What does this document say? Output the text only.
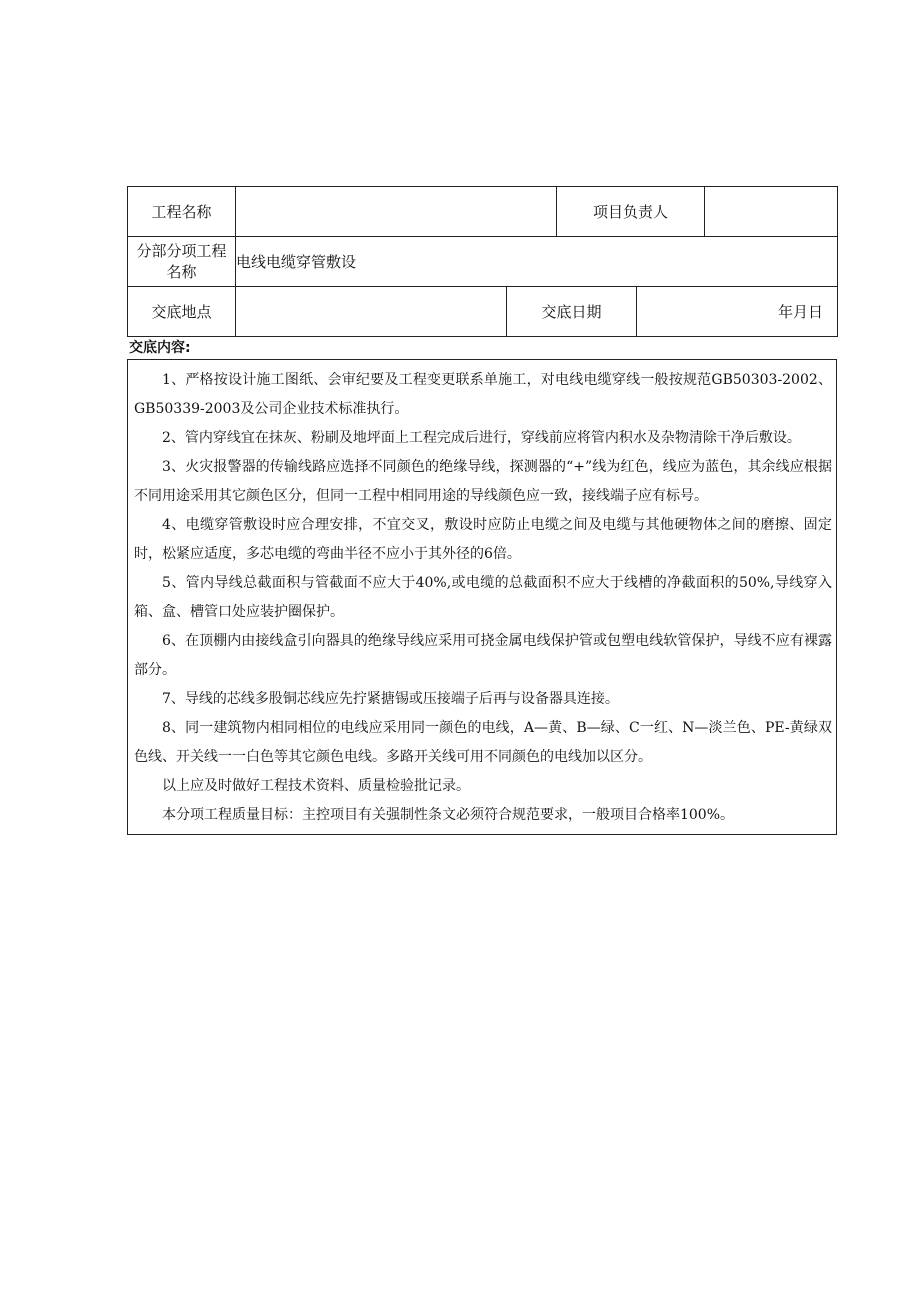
工程名称			项目负责人		

分部分项工程
名称	电线电缆穿管敷设				
交底地点		交底日期		年月日	
交底内容:

1、严格按设计施工图纸、会审纪要及工程变更联系单施工，对电线电缆穿线一般按规范GB50303-2002、GB50339-2003及公司企业技术标准执行。

2、管内穿线宜在抹灰、粉刷及地坪面上工程完成后进行，穿线前应将管内积水及杂物清除干净后敷设。

3、火灾报警器的传输线路应选择不同颜色的绝缘导线，探测器的“+”线为红色，线应为蓝色，其余线应根据不同用途采用其它颜色区分，但同一工程中相同用途的导线颜色应一致，接线端子应有标号。

4、电缆穿管敷设时应合理安排，不宜交叉，敷设时应防止电缆之间及电缆与其他硬物体之间的磨擦、固定时，松紧应适度，多芯电缆的弯曲半径不应小于其外径的6倍。

5、管内导线总截面积与管截面不应大于40%,或电缆的总截面积不应大于线槽的净截面积的50%,导线穿入箱、盒、槽管口处应装护圈保护。

6、在顶棚内由接线盒引向器具的绝缘导线应采用可挠金属电线保护管或包塑电线软管保护，导线不应有裸露部分。

7、导线的芯线多股铜芯线应先拧紧搪锡或压接端子后再与设备器具连接。

8、同一建筑物内相同相位的电线应采用同一颜色的电线，A—黄、B—绿、C一红、N—淡兰色、PE-黄绿双色线、开关线一一白色等其它颜色电线。多路开关线可用不同颜色的电线加以区分。

以上应及时做好工程技术资料、质量检验批记录。

本分项工程质量目标：主控项目有关强制性条文必须符合规范要求，一般项目合格率100%。
